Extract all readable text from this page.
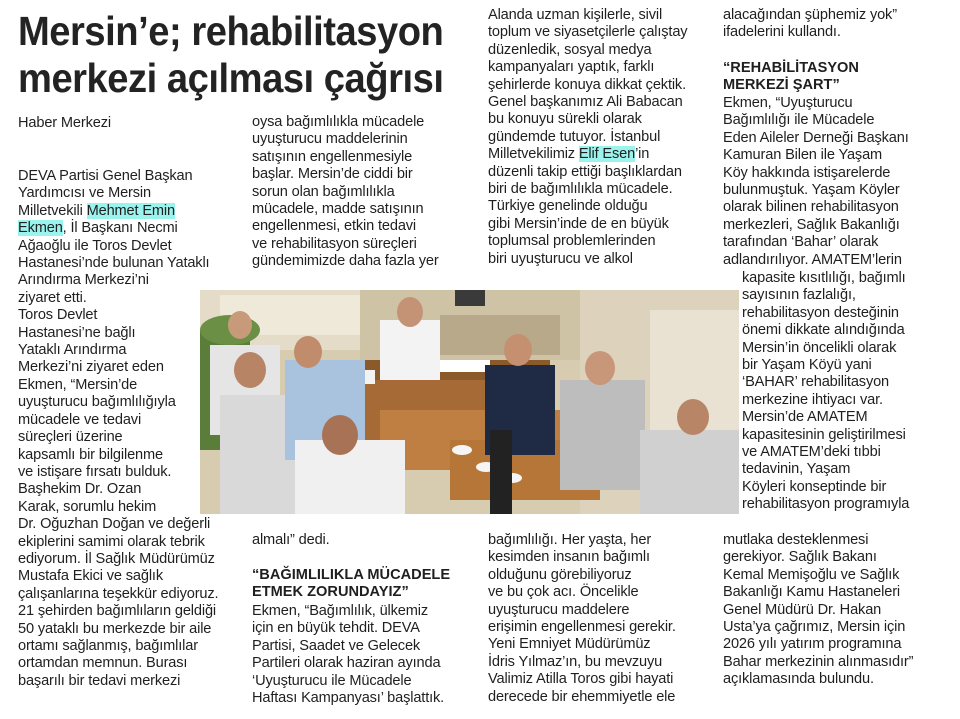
Mersin’e; rehabilitasyon
merkezi açılması çağrısı

Haber Merkezi

DEVA Partisi Genel Başkan
Yardımcısı ve Mersin
Milletvekili Mehmet Emin
Ekmen, İl Başkanı Necmi
Ağaoğlu ile Toros Devlet
Hastanesi’nde bulunan Yataklı
Arındırma Merkezi’ni
ziyaret etti.
Toros Devlet
Hastanesi’ne bağlı
Yataklı Arındırma
Merkezi’ni ziyaret eden
Ekmen, “Mersin’de
uyuşturucu bağımlılığıyla
mücadele ve tedavi
süreçleri üzerine
kapsamlı bir bilgilenme
ve istişare fırsatı bulduk.
Başhekim Dr. Ozan
Karak, sorumlu hekim
Dr. Oğuzhan Doğan ve değerli
ekiplerini samimi olarak tebrik
ediyorum. İl Sağlık Müdürümüz
Mustafa Ekici ve sağlık
çalışanlarına teşekkür ediyoruz.
21 şehirden bağımlıların geldiği
50 yataklı bu merkezde bir aile
ortamı sağlanmış, bağımlılar
ortamdan memnun. Burası
başarılı bir tedavi merkezi

oysa bağımlılıkla mücadele
uyuşturucu maddelerinin
satışının engellenmesiyle
başlar. Mersin’de ciddi bir
sorun olan bağımlılıkla
mücadele, madde satışının
engellenmesi, etkin tedavi
ve rehabilitasyon süreçleri
gündemimizde daha fazla yer

almalı” dedi.

“BAĞIMLILIKLA MÜCADELE
ETMEK ZORUNDAYIZ”

Ekmen, “Bağımlılık, ülkemiz
için en büyük tehdit. DEVA
Partisi, Saadet ve Gelecek
Partileri olarak haziran ayında
‘Uyuşturucu ile Mücadele
Haftası Kampanyası’ başlattık.

Alanda uzman kişilerle, sivil
toplum ve siyasetçilerle çalıştay
düzenledik, sosyal medya
kampanyaları yaptık, farklı
şehirlerde konuya dikkat çektik.
Genel başkanımız Ali Babacan
bu konuyu sürekli olarak
gündemde tutuyor. İstanbul
Milletvekilimiz Elif Esen’in
düzenli takip ettiği başlıklardan
biri de bağımlılıkla mücadele.
Türkiye genelinde olduğu
gibi Mersin’inde de en büyük
toplumsal problemlerinden
biri uyuşturucu ve alkol

bağımlılığı. Her yaşta, her
kesimden insanın bağımlı
olduğunu görebiliyoruz
ve bu çok acı. Öncelikle
uyuşturucu maddelere
erişimin engellenmesi gerekir.
Yeni Emniyet Müdürümüz
İdris Yılmaz’ın, bu mevzuyu
Valimiz Atilla Toros gibi hayati
derecede bir ehemmiyetle ele

alacağından şüphemiz yok”
ifadelerini kullandı.

“REHABİLİTASYON
MERKEZİ ŞART”

Ekmen, “Uyuşturucu
Bağımlılığı ile Mücadele
Eden Aileler Derneği Başkanı
Kamuran Bilen ile Yaşam
Köy hakkında istişarelerde
bulunmuştuk. Yaşam Köyler
olarak bilinen rehabilitasyon
merkezleri, Sağlık Bakanlığı
tarafından ‘Bahar’ olarak
adlandırılıyor. AMATEM’lerin

kapasite kısıtlılığı, bağımlı
sayısının fazlalığı,
rehabilitasyon desteğinin
önemi dikkate alındığında
Mersin’in öncelikli olarak
bir Yaşam Köyü yani
‘BAHAR’ rehabilitasyon
merkezine ihtiyacı var.
Mersin’de AMATEM
kapasitesinin geliştirilmesi
ve AMATEM’deki tıbbi
tedavinin, Yaşam
Köyleri konseptinde bir
rehabilitasyon programıyla

mutlaka desteklenmesi
gerekiyor. Sağlık Bakanı
Kemal Memişoğlu ve Sağlık
Bakanlığı Kamu Hastaneleri
Genel Müdürü Dr. Hakan
Usta’ya çağrımız, Mersin için
2026 yılı yatırım programına
Bahar merkezinin alınmasıdır”
açıklamasında bulundu.
